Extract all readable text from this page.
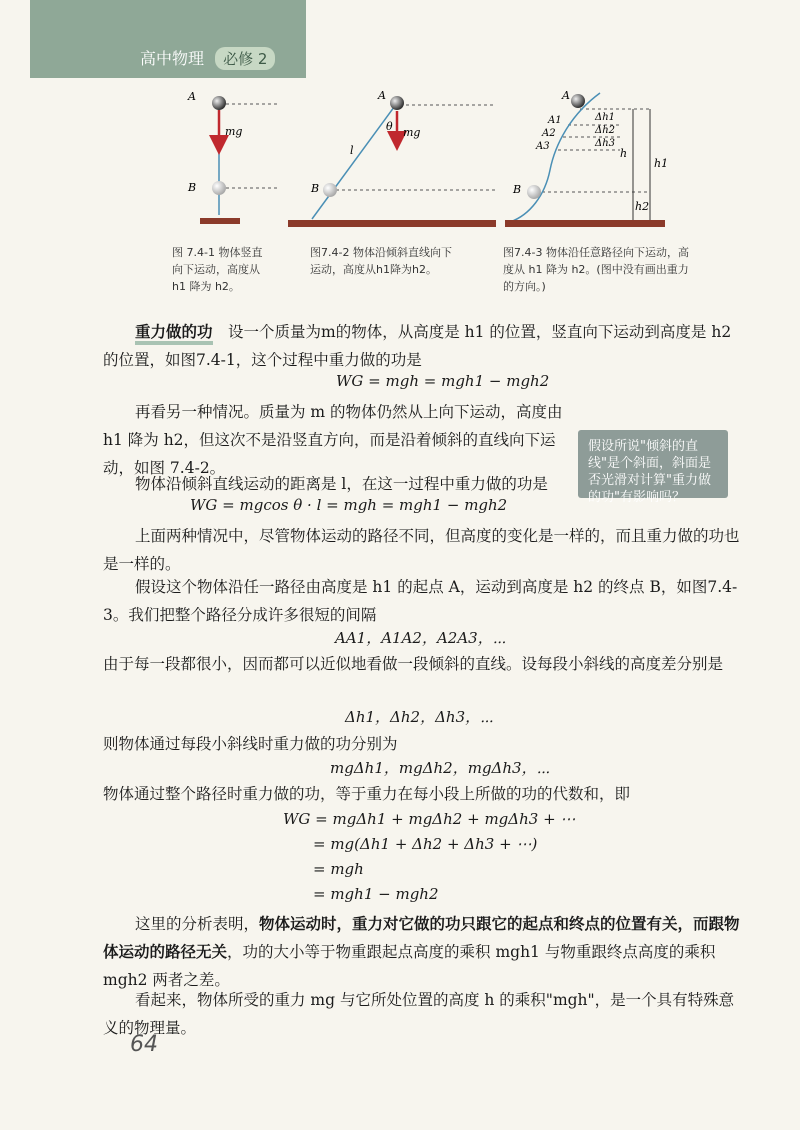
高中物理 必修 2
A
mg
B
A
θ mg
l
B
A
A1
A2
A3
Δh1
Δh2
Δh3
h
h1
h2
B
图 7.4-1 物体竖直向下运动，高度从 h1 降为 h2。
图7.4-2 物体沿倾斜直线向下运动，高度从h1降为h2。
图7.4-3 物体沿任意路径向下运动，高度从 h1 降为 h2。(图中没有画出重力的方向。)
重力做的功　 设一个质量为m的物体，从高度是 h1 的位置，竖直向下运动到高度是 h2 的位置，如图7.4-1，这个过程中重力做的功是
WG = mgh = mgh1 − mgh2
再看另一种情况。质量为 m 的物体仍然从上向下运动，高度由 h1 降为 h2，但这次不是沿竖直方向，而是沿着倾斜的直线向下运动，如图 7.4-2。
假设所说"倾斜的直线"是个斜面，斜面是否光滑对计算"重力做的功"有影响吗？
物体沿倾斜直线运动的距离是 l，在这一过程中重力做的功是
WG = mgcos θ · l = mgh = mgh1 − mgh2
上面两种情况中，尽管物体运动的路径不同，但高度的变化是一样的，而且重力做的功也是一样的。
假设这个物体沿任一路径由高度是 h1 的起点 A，运动到高度是 h2 的终点 B，如图7.4-3。我们把整个路径分成许多很短的间隔
AA1，A1A2，A2A3，⋯
由于每一段都很小，因而都可以近似地看做一段倾斜的直线。设每段小斜线的高度差分别是
Δh1，Δh2，Δh3，⋯
则物体通过每段小斜线时重力做的功分别为
mgΔh1，mgΔh2，mgΔh3，⋯
物体通过整个路径时重力做的功，等于重力在每小段上所做的功的代数和，即
WG = mgΔh1 + mgΔh2 + mgΔh3 + ⋯
= mg(Δh1 + Δh2 + Δh3 + ⋯)
= mgh
= mgh1 − mgh2
这里的分析表明，物体运动时，重力对它做的功只跟它的起点和终点的位置有关，而跟物体运动的路径无关，功的大小等于物重跟起点高度的乘积 mgh1 与物重跟终点高度的乘积 mgh2 两者之差。
看起来，物体所受的重力 mg 与它所处位置的高度 h 的乘积"mgh"，是一个具有特殊意义的物理量。
64
